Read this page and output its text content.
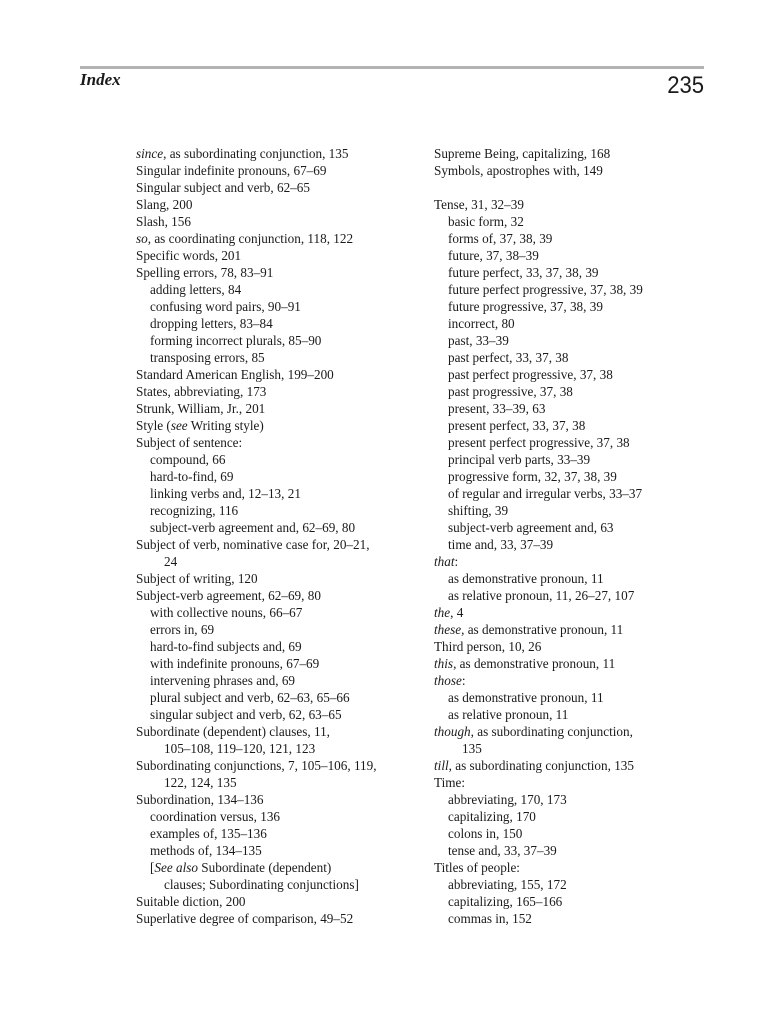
Index	235
since, as subordinating conjunction, 135
Singular indefinite pronouns, 67–69
Singular subject and verb, 62–65
Slang, 200
Slash, 156
so, as coordinating conjunction, 118, 122
Specific words, 201
Spelling errors, 78, 83–91
adding letters, 84
confusing word pairs, 90–91
dropping letters, 83–84
forming incorrect plurals, 85–90
transposing errors, 85
Standard American English, 199–200
States, abbreviating, 173
Strunk, William, Jr., 201
Style (see Writing style)
Subject of sentence:
compound, 66
hard-to-find, 69
linking verbs and, 12–13, 21
recognizing, 116
subject-verb agreement and, 62–69, 80
Subject of verb, nominative case for, 20–21,
24
Subject of writing, 120
Subject-verb agreement, 62–69, 80
with collective nouns, 66–67
errors in, 69
hard-to-find subjects and, 69
with indefinite pronouns, 67–69
intervening phrases and, 69
plural subject and verb, 62–63, 65–66
singular subject and verb, 62, 63–65
Subordinate (dependent) clauses, 11,
105–108, 119–120, 121, 123
Subordinating conjunctions, 7, 105–106, 119,
122, 124, 135
Subordination, 134–136
coordination versus, 136
examples of, 135–136
methods of, 134–135
[See also Subordinate (dependent)
clauses; Subordinating conjunctions]
Suitable diction, 200
Superlative degree of comparison, 49–52
Supreme Being, capitalizing, 168
Symbols, apostrophes with, 149
Tense, 31, 32–39
basic form, 32
forms of, 37, 38, 39
future, 37, 38–39
future perfect, 33, 37, 38, 39
future perfect progressive, 37, 38, 39
future progressive, 37, 38, 39
incorrect, 80
past, 33–39
past perfect, 33, 37, 38
past perfect progressive, 37, 38
past progressive, 37, 38
present, 33–39, 63
present perfect, 33, 37, 38
present perfect progressive, 37, 38
principal verb parts, 33–39
progressive form, 32, 37, 38, 39
of regular and irregular verbs, 33–37
shifting, 39
subject-verb agreement and, 63
time and, 33, 37–39
that:
as demonstrative pronoun, 11
as relative pronoun, 11, 26–27, 107
the, 4
these, as demonstrative pronoun, 11
Third person, 10, 26
this, as demonstrative pronoun, 11
those:
as demonstrative pronoun, 11
as relative pronoun, 11
though, as subordinating conjunction,
135
till, as subordinating conjunction, 135
Time:
abbreviating, 170, 173
capitalizing, 170
colons in, 150
tense and, 33, 37–39
Titles of people:
abbreviating, 155, 172
capitalizing, 165–166
commas in, 152
